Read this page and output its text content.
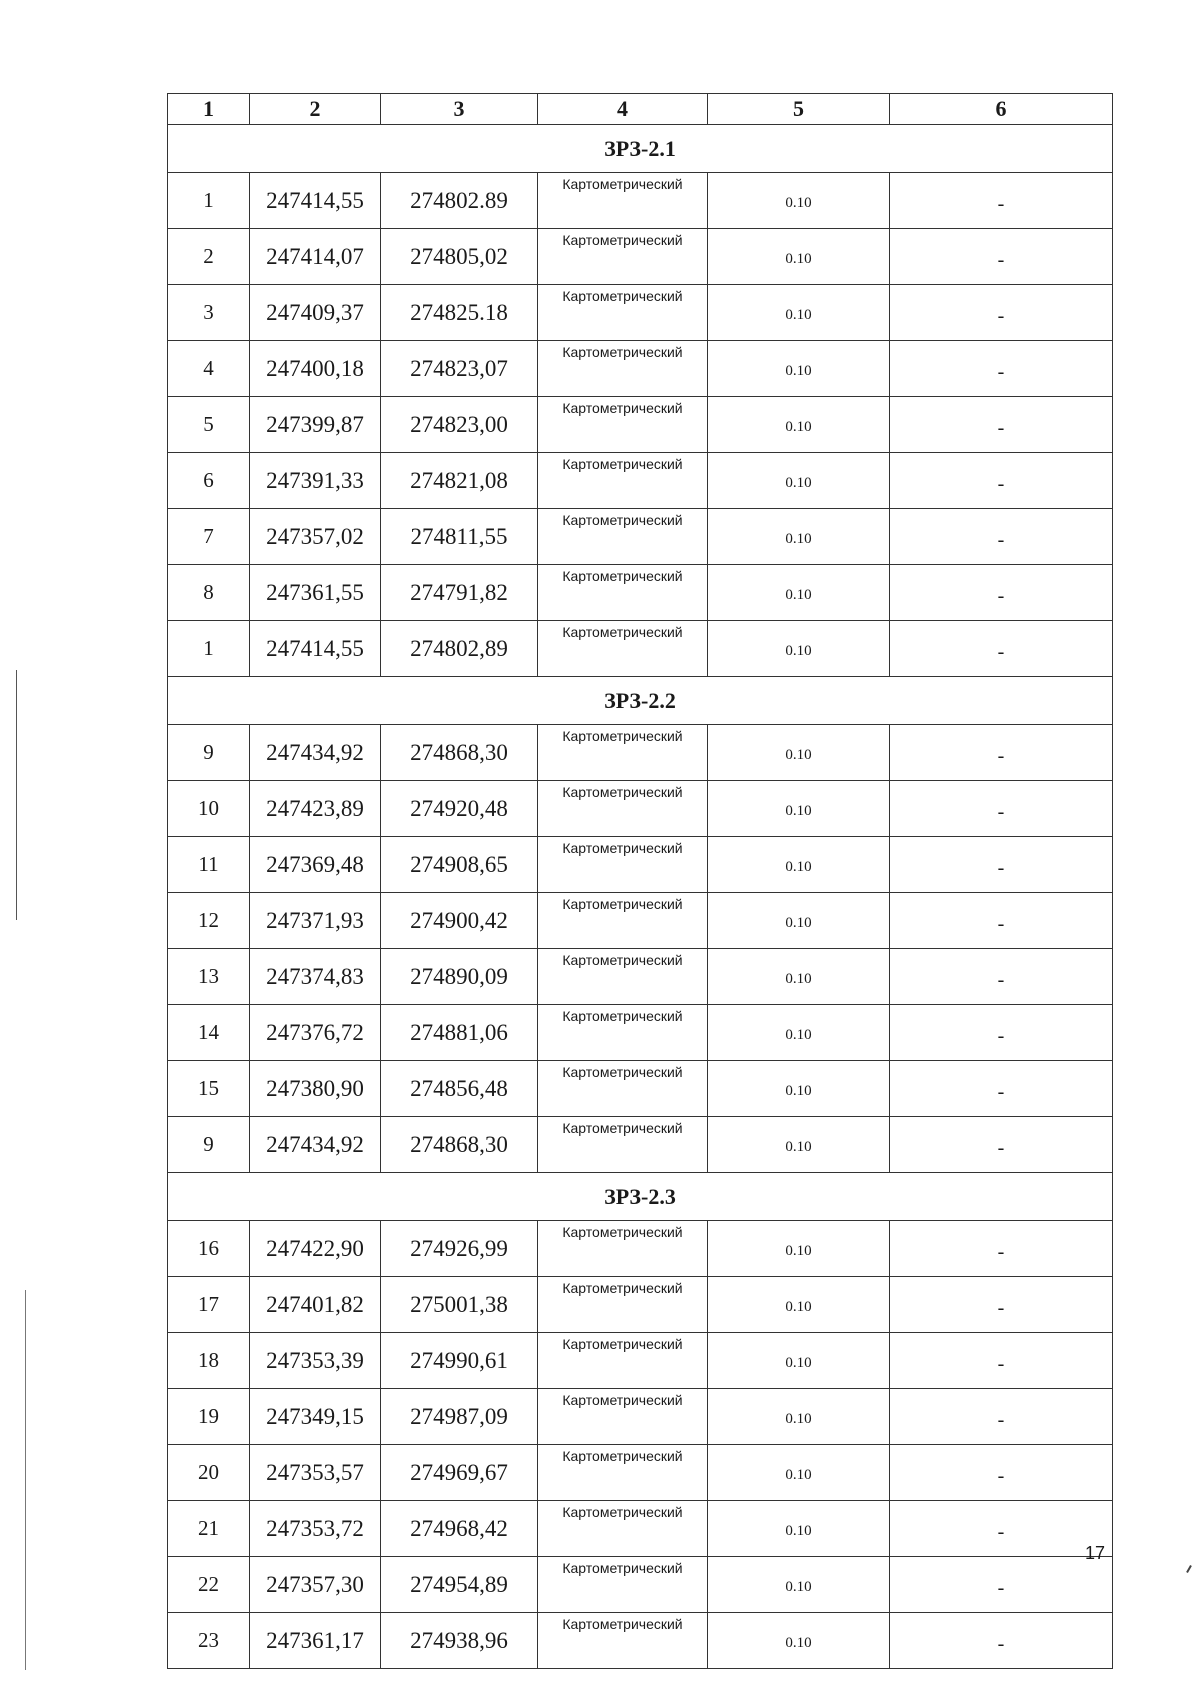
1	2	3	4	5	6
ЗРЗ-2.1					
1	247414,55	274802.89	Картометрический	0.10	-
2	247414,07	274805,02	Картометрический	0.10	-
3	247409,37	274825.18	Картометрический	0.10	-
4	247400,18	274823,07	Картометрический	0.10	-
5	247399,87	274823,00	Картометрический	0.10	-
6	247391,33	274821,08	Картометрический	0.10	-
7	247357,02	274811,55	Картометрический	0.10	-
8	247361,55	274791,82	Картометрический	0.10	-
1	247414,55	274802,89	Картометрический	0.10	-
ЗРЗ-2.2					
9	247434,92	274868,30	Картометрический	0.10	-
10	247423,89	274920,48	Картометрический	0.10	-
11	247369,48	274908,65	Картометрический	0.10	-
12	247371,93	274900,42	Картометрический	0.10	-
13	247374,83	274890,09	Картометрический	0.10	-
14	247376,72	274881,06	Картометрический	0.10	-
15	247380,90	274856,48	Картометрический	0.10	-
9	247434,92	274868,30	Картометрический	0.10	-
ЗРЗ-2.3					
16	247422,90	274926,99	Картометрический	0.10	-
17	247401,82	275001,38	Картометрический	0.10	-
18	247353,39	274990,61	Картометрический	0.10	-
19	247349,15	274987,09	Картометрический	0.10	-
20	247353,57	274969,67	Картометрический	0.10	-
21	247353,72	274968,42	Картометрический	0.10	-
22	247357,30	274954,89	Картометрический	0.10	-
23	247361,17	274938,96	Картометрический	0.10	-
17
